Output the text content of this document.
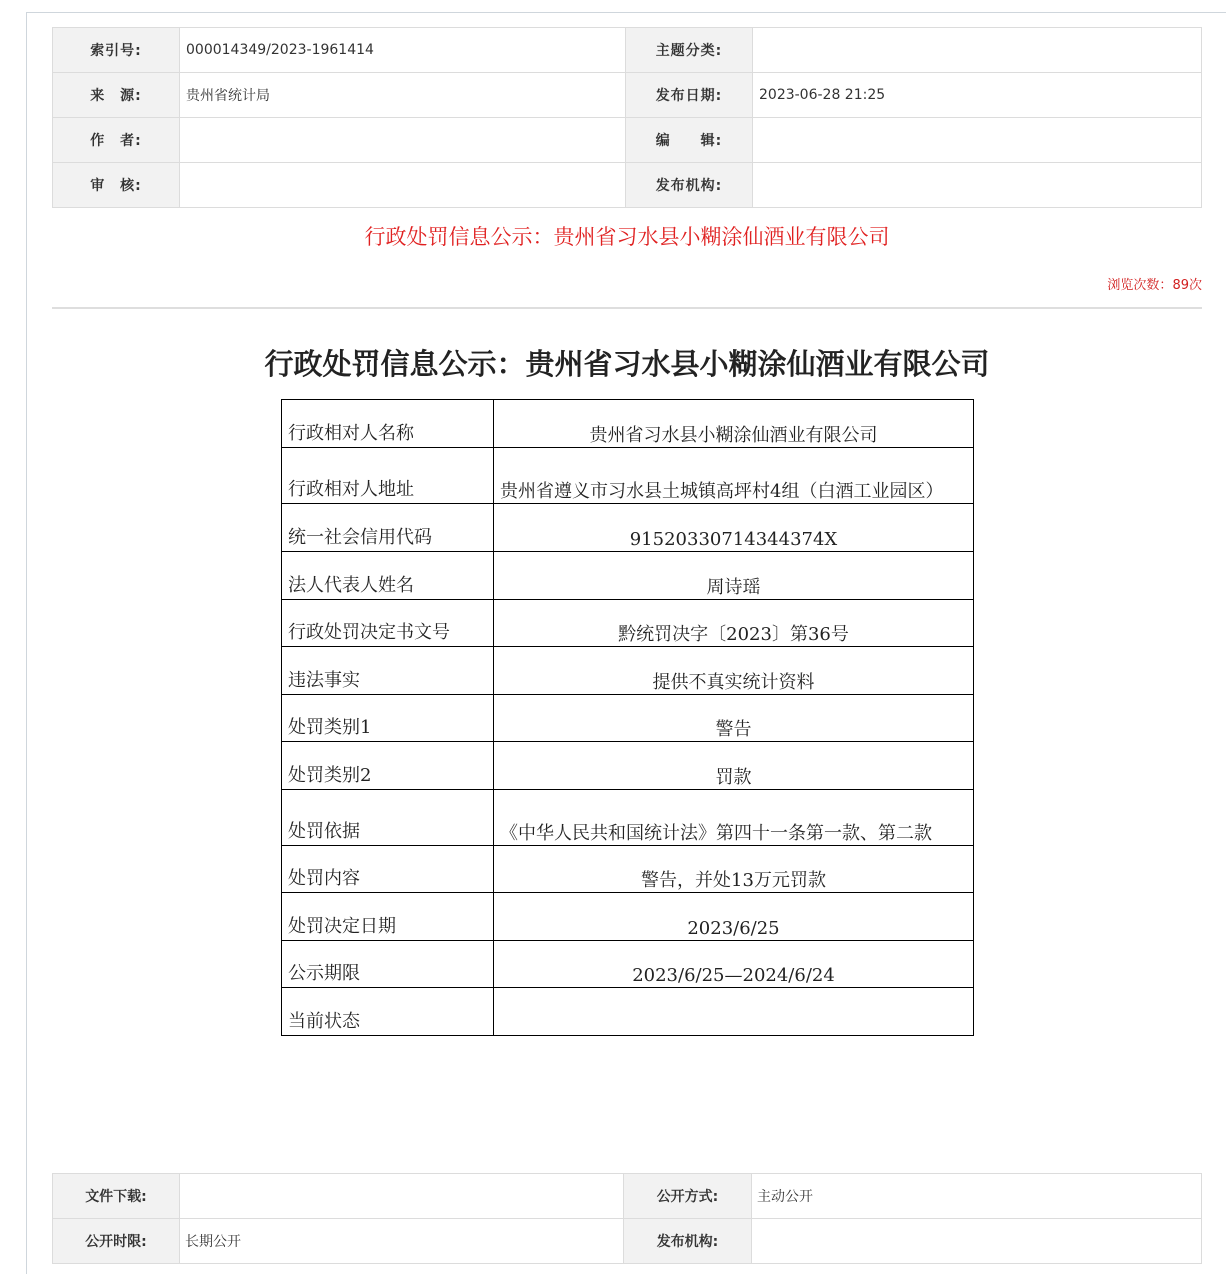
索引号:	000014349/2023-1961414	主题分类:	
来　源:	贵州省统计局	发布日期:	2023-06-28 21:25
作　者:		编　　辑:	
审　核:		发布机构:	
行政处罚信息公示：贵州省习水县小糊涂仙酒业有限公司
浏览次数：89次
行政处罚信息公示：贵州省习水县小糊涂仙酒业有限公司
行政相对人名称	贵州省习水县小糊涂仙酒业有限公司
行政相对人地址	贵州省遵义市习水县土城镇高坪村4组（白酒工业园区）
统一社会信用代码	91520330714344374X
法人代表人姓名	周诗瑶
行政处罚决定书文号	黔统罚决字〔2023〕第36号
违法事实	提供不真实统计资料
处罚类别1	警告
处罚类别2	罚款
处罚依据	《中华人民共和国统计法》第四十一条第一款、第二款
处罚内容	警告，并处13万元罚款
处罚决定日期	2023/6/25
公示期限	2023/6/25—2024/6/24
当前状态	
文件下载:		公开方式:	主动公开
公开时限:	长期公开	发布机构:	
